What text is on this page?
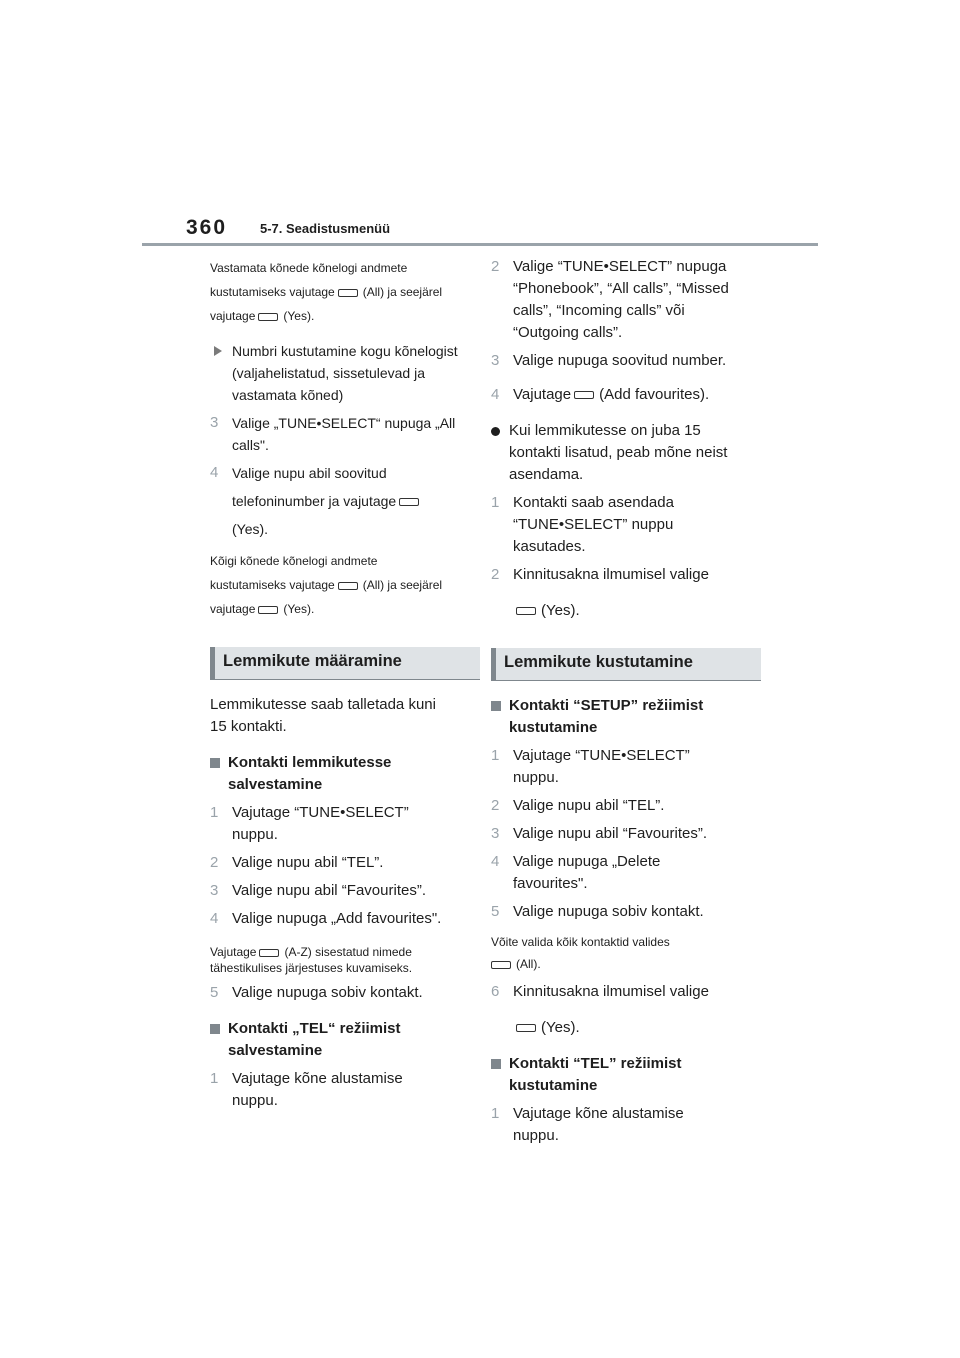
360	5-7. Seadistusmenüü

Vastamata kõnede kõnelogi andmete
kustutamiseks vajutage (All) ja seejärel
vajutage (Yes).

Numbri kustutamine kogu kõnelogist
(valjahelistatud, sissetulevad ja
vastamata kõned)
3 Valige „TUNE•SELECT“ nupuga „All
calls".
4 Valige nupu abil soovitud
telefoninumber ja vajutage
(Yes).

Kõigi kõnede kõnelogi andmete
kustutamiseks vajutage (All) ja seejärel
vajutage (Yes).

Lemmikute määramine
Lemmikutesse saab talletada kuni
15 kontakti.
Kontakti lemmikutesse
salvestamine
1 Vajutage “TUNE•SELECT”
nuppu.
2 Valige nupu abil “TEL”.
3 Valige nupu abil “Favourites”.
4 Valige nupuga „Add favourites".
Vajutage (A-Z) sisestatud nimede
tähestikulises järjestuses kuvamiseks.
5 Valige nupuga sobiv kontakt.
Kontakti „TEL“ režiimist
salvestamine
1 Vajutage kõne alustamise
nuppu.
2 Valige “TUNE•SELECT” nupuga
“Phonebook”, “All calls”, “Missed
calls”, “Incoming calls” või
“Outgoing calls”.
3 Valige nupuga soovitud number.
4 Vajutage (Add favourites).
Kui lemmikutesse on juba 15
kontakti lisatud, peab mõne neist
asendama.
1 Kontakti saab asendada
“TUNE•SELECT” nuppu
kasutades.
2 Kinnitusakna ilmumisel valige
(Yes).
Lemmikute kustutamine
Kontakti “SETUP” režiimist
kustutamine
1 Vajutage “TUNE•SELECT”
nuppu.
2 Valige nupu abil “TEL”.
3 Valige nupu abil “Favourites”.
4 Valige nupuga „Delete
favourites".
5 Valige nupuga sobiv kontakt.
Võite valida kõik kontaktid valides
(All).
6 Kinnitusakna ilmumisel valige
(Yes).
Kontakti “TEL” režiimist
kustutamine
1 Vajutage kõne alustamise
nuppu.
